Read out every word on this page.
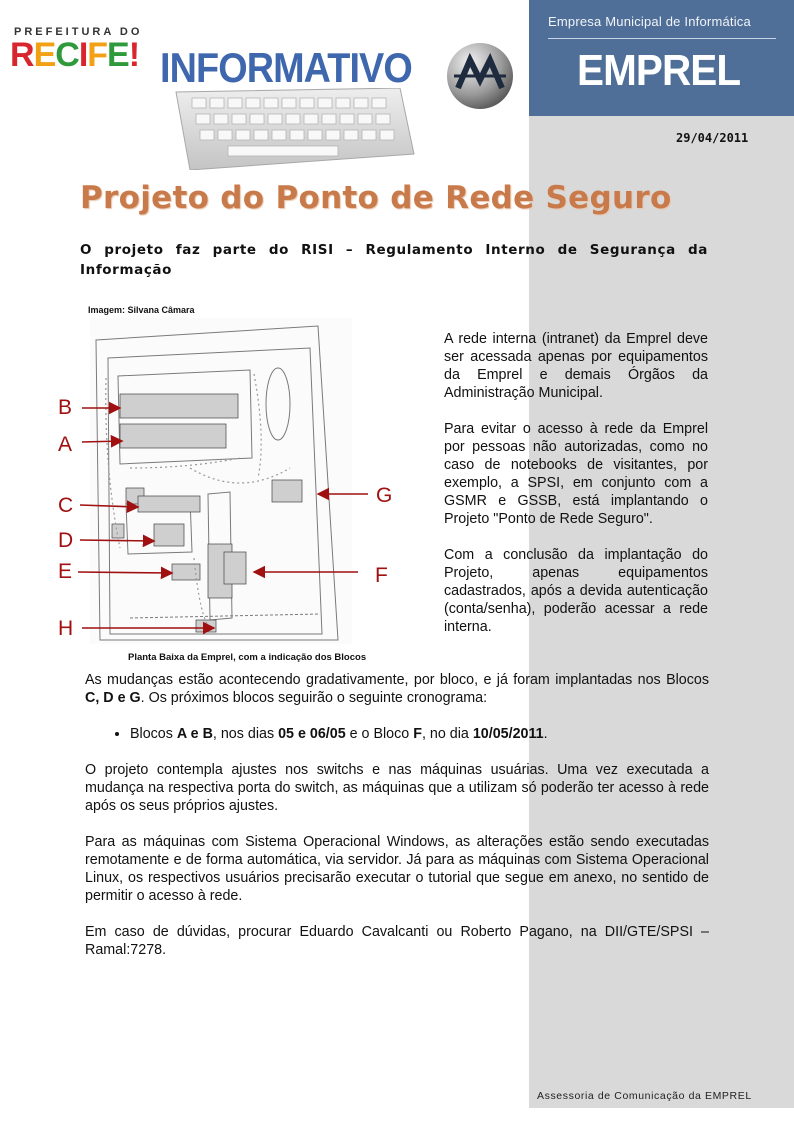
Empresa Municipal de Informática
EMPREL
PREFEITURA DO
RECIFE! INFORMATIVO
29/04/2011
Projeto do Ponto de Rede Seguro
O projeto faz parte do RISI – Regulamento Interno de Segurança da Informação
Imagem: Silvana Câmara
B
A
C
D
E	F
G
H
Planta Baixa da Emprel, com a indicação dos Blocos

A rede interna (intranet) da Emprel deve ser acessada apenas por equipamentos da Emprel e demais Órgãos da Administração Municipal.

Para evitar o acesso à rede da Emprel por pessoas não autorizadas, como no caso de notebooks de visitantes, por exemplo, a SPSI, em conjunto com a GSMR e GSSB, está implantando o Projeto "Ponto de Rede Seguro".

Com a conclusão da implantação do Projeto, apenas equipamentos cadastrados, após a devida autenticação (conta/senha), poderão acessar a rede interna.

As mudanças estão acontecendo gradativamente, por bloco, e já foram implantadas nos Blocos C, D e G. Os próximos blocos seguirão o seguinte cronograma:

• Blocos A e B, nos dias 05 e 06/05 e o Bloco F, no dia 10/05/2011.

O projeto contempla ajustes nos switchs e nas máquinas usuárias. Uma vez executada a mudança na respectiva porta do switch, as máquinas que a utilizam só poderão ter acesso à rede após os seus próprios ajustes.

Para as máquinas com Sistema Operacional Windows, as alterações estão sendo executadas remotamente e de forma automática, via servidor. Já para as máquinas com Sistema Operacional Linux, os respectivos usuários precisarão executar o tutorial que segue em anexo, no sentido de permitir o acesso à rede.

Em caso de dúvidas, procurar Eduardo Cavalcanti ou Roberto Pagano, na DII/GTE/SPSI – Ramal:7278.

Assessoria de Comunicação da EMPREL
